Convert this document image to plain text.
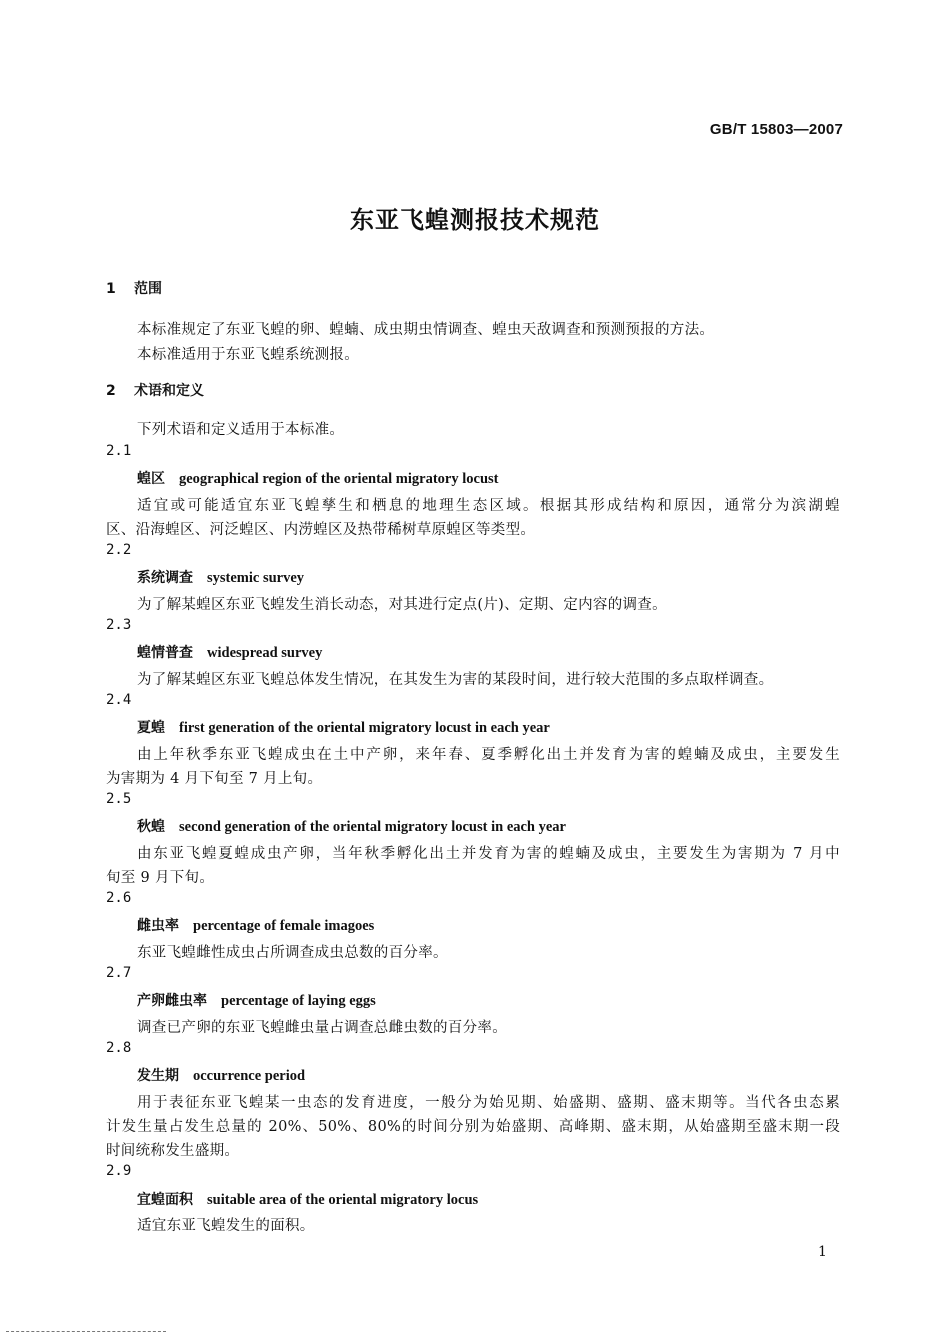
GB/T 15803—2007
东亚飞蝗测报技术规范
1 范围
本标准规定了东亚飞蝗的卵、蝗蝻、成虫期虫情调查、蝗虫天敌调查和预测预报的方法。
本标准适用于东亚飞蝗系统测报。
2 术语和定义
下列术语和定义适用于本标准。
2.1
蝗区 geographical region of the oriental migratory locust
适宜或可能适宜东亚飞蝗孳生和栖息的地理生态区域。根据其形成结构和原因，通常分为滨湖蝗
区、沿海蝗区、河泛蝗区、内涝蝗区及热带稀树草原蝗区等类型。
2.2
系统调查 systemic survey
为了解某蝗区东亚飞蝗发生消长动态，对其进行定点(片)、定期、定内容的调查。
2.3
蝗情普查 widespread survey
为了解某蝗区东亚飞蝗总体发生情况，在其发生为害的某段时间，进行较大范围的多点取样调查。
2.4
夏蝗 first generation of the oriental migratory locust in each year
由上年秋季东亚飞蝗成虫在土中产卵，来年春、夏季孵化出土并发育为害的蝗蝻及成虫，主要发生
为害期为 4 月下旬至 7 月上旬。
2.5
秋蝗 second generation of the oriental migratory locust in each year
由东亚飞蝗夏蝗成虫产卵，当年秋季孵化出土并发育为害的蝗蝻及成虫，主要发生为害期为 7 月中
旬至 9 月下旬。
2.6
雌虫率 percentage of female imagoes
东亚飞蝗雌性成虫占所调查成虫总数的百分率。
2.7
产卵雌虫率 percentage of laying eggs
调查已产卵的东亚飞蝗雌虫量占调查总雌虫数的百分率。
2.8
发生期 occurrence period
用于表征东亚飞蝗某一虫态的发育进度，一般分为始见期、始盛期、盛期、盛末期等。当代各虫态累
计发生量占发生总量的 20%、50%、80%的时间分别为始盛期、高峰期、盛末期，从始盛期至盛末期一段
时间统称发生盛期。
2.9
宜蝗面积 suitable area of the oriental migratory locus
适宜东亚飞蝗发生的面积。
1
